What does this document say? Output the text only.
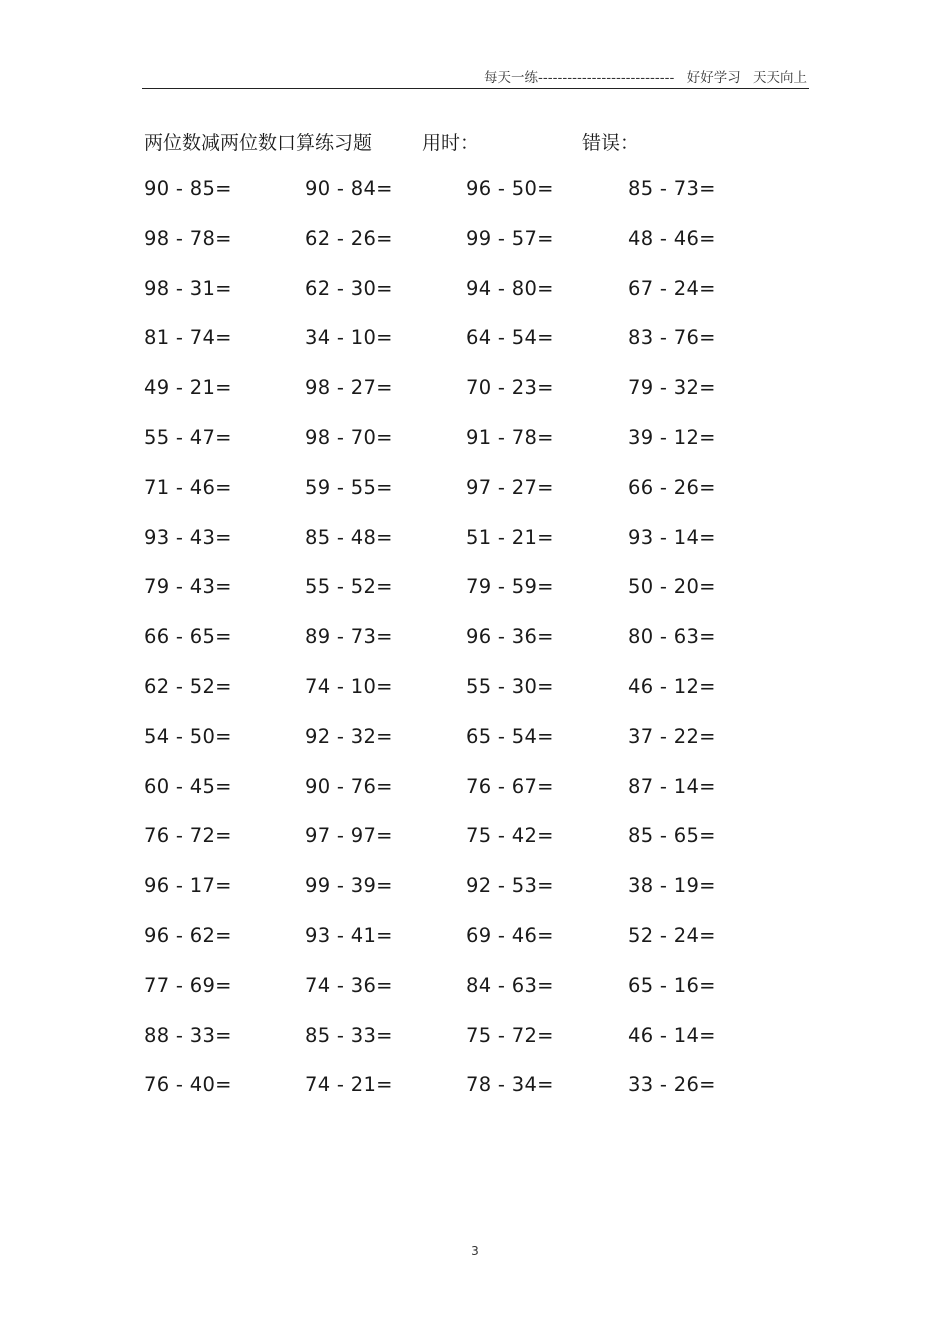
每天一练---------------------------- 好好学习 天天向上
两位数减两位数口算练习题	用时：	错误：
90 - 85=	90 - 84=	96 - 50=	85 - 73=
98 - 78=	62 - 26=	99 - 57=	48 - 46=
98 - 31=	62 - 30=	94 - 80=	67 - 24=
81 - 74=	34 - 10=	64 - 54=	83 - 76=
49 - 21=	98 - 27=	70 - 23=	79 - 32=
55 - 47=	98 - 70=	91 - 78=	39 - 12=
71 - 46=	59 - 55=	97 - 27=	66 - 26=
93 - 43=	85 - 48=	51 - 21=	93 - 14=
79 - 43=	55 - 52=	79 - 59=	50 - 20=
66 - 65=	89 - 73=	96 - 36=	80 - 63=
62 - 52=	74 - 10=	55 - 30=	46 - 12=
54 - 50=	92 - 32=	65 - 54=	37 - 22=
60 - 45=	90 - 76=	76 - 67=	87 - 14=
76 - 72=	97 - 97=	75 - 42=	85 - 65=
96 - 17=	99 - 39=	92 - 53=	38 - 19=
96 - 62=	93 - 41=	69 - 46=	52 - 24=
77 - 69=	74 - 36=	84 - 63=	65 - 16=
88 - 33=	85 - 33=	75 - 72=	46 - 14=
76 - 40=	74 - 21=	78 - 34=	33 - 26=
3
